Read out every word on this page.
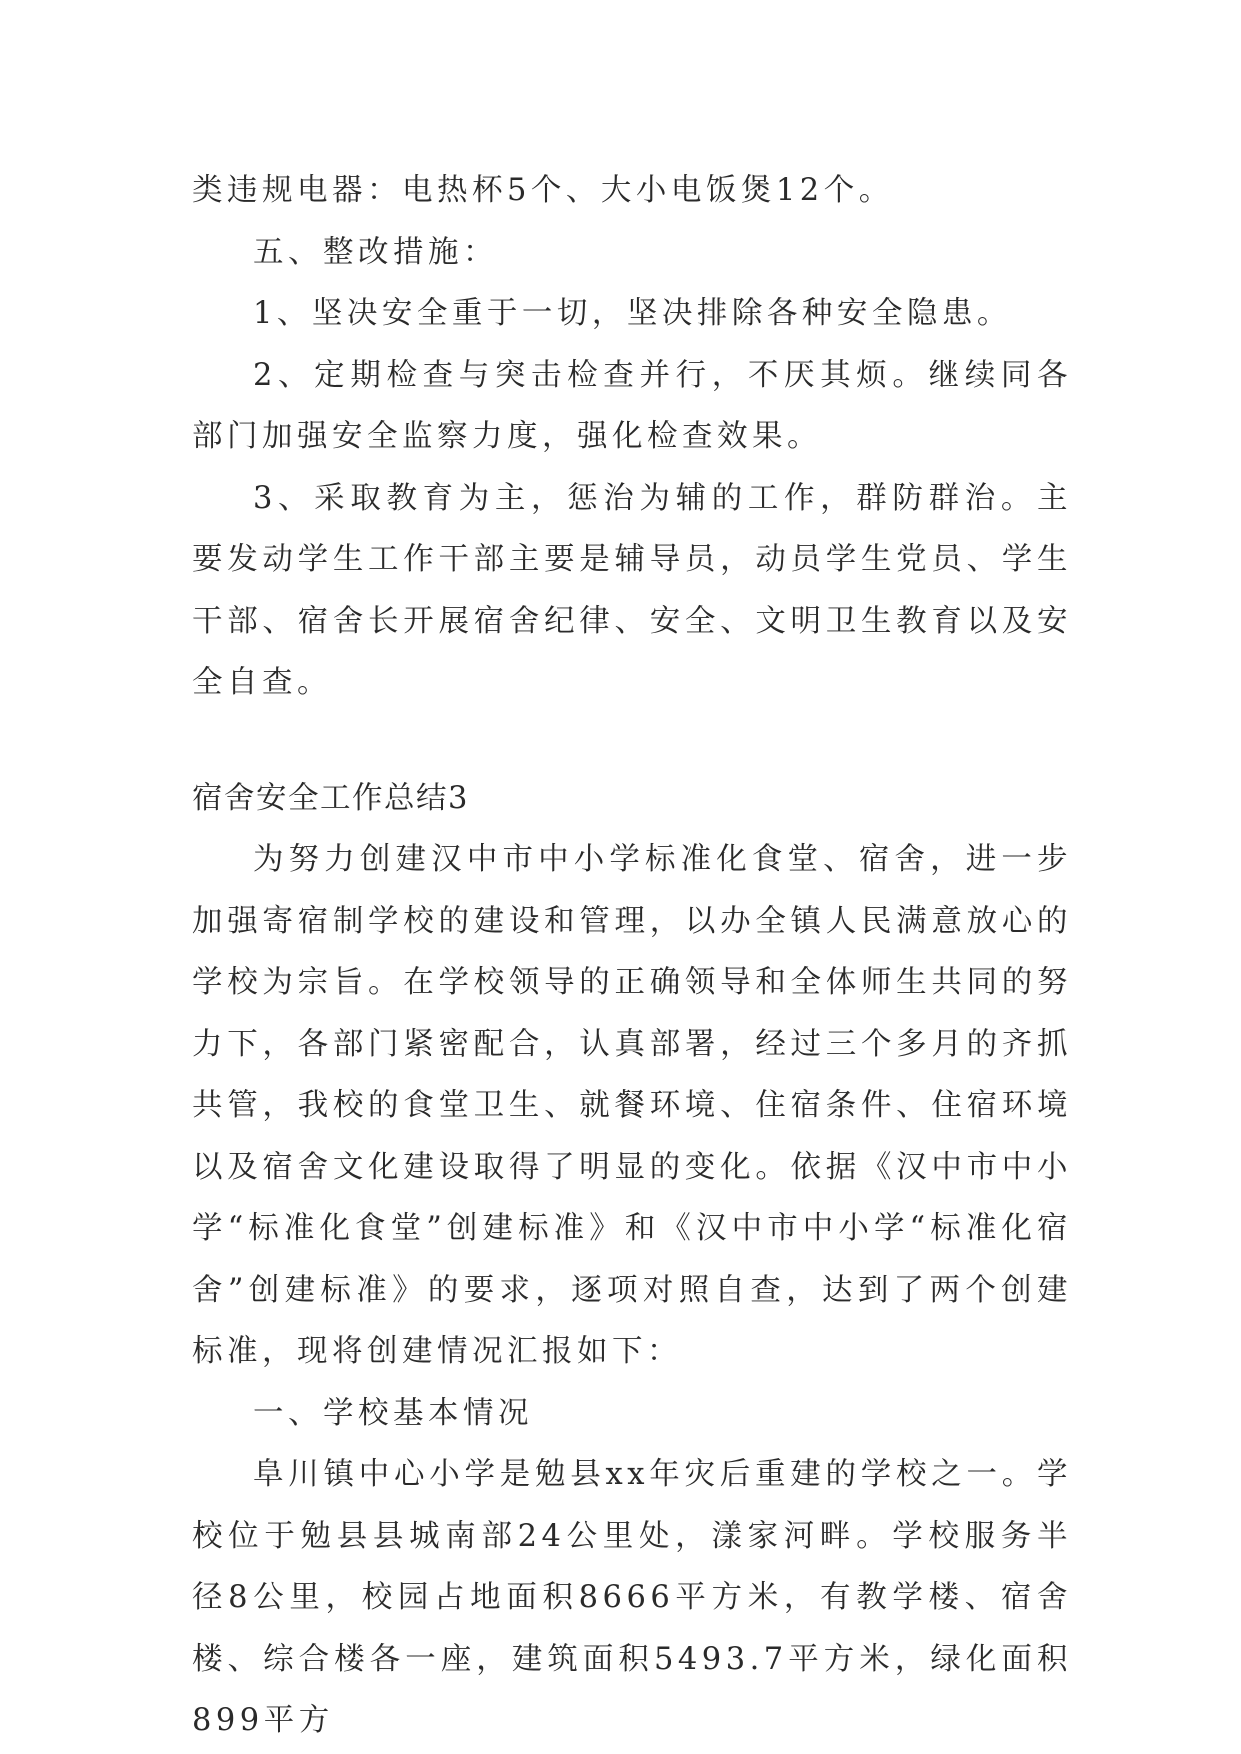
类违规电器：电热杯5个、大小电饭煲12个。

五、整改措施：

1、坚决安全重于一切，坚决排除各种安全隐患。

2、定期检查与突击检查并行，不厌其烦。继续同各部门加强安全监察力度，强化检查效果。

3、采取教育为主，惩治为辅的工作，群防群治。主要发动学生工作干部主要是辅导员，动员学生党员、学生干部、宿舍长开展宿舍纪律、安全、文明卫生教育以及安全自查。

宿舍安全工作总结3

为努力创建汉中市中小学标准化食堂、宿舍，进一步加强寄宿制学校的建设和管理，以办全镇人民满意放心的学校为宗旨。在学校领导的正确领导和全体师生共同的努力下，各部门紧密配合，认真部署，经过三个多月的齐抓共管，我校的食堂卫生、就餐环境、住宿条件、住宿环境以及宿舍文化建设取得了明显的变化。依据《汉中市中小学“标准化食堂”创建标准》和《汉中市中小学“标准化宿舍”创建标准》的要求，逐项对照自查，达到了两个创建标准，现将创建情况汇报如下：

一、学校基本情况

阜川镇中心小学是勉县xx年灾后重建的学校之一。学校位于勉县县城南部24公里处，漾家河畔。学校服务半径8公里，校园占地面积8666平方米，有教学楼、宿舍楼、综合楼各一座，建筑面积5493.7平方米，绿化面积899平方
